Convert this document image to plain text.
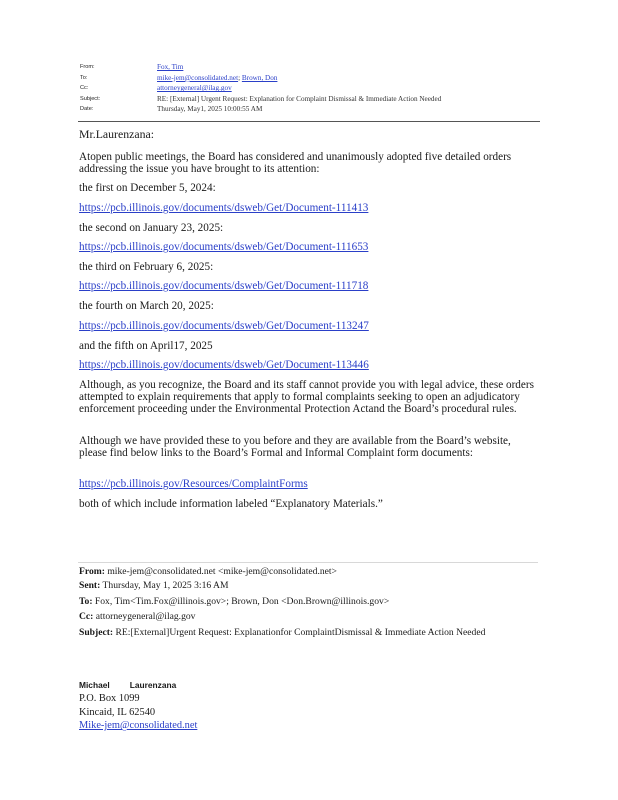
From:	Fox, Tim
To:	mike-jem@consolidated.net; Brown, Don
Cc:	attorneygeneral@ilag.gov
Subject:	RE: [External] Urgent Request: Explanation for Complaint Dismissal & Immediate Action Needed
Date:	Thursday, May1, 2025 10:00:55 AM
Mr.Laurenzana:
Atopen public meetings, the Board has considered and unanimously adopted five detailed orders addressing the issue you have brought to its attention:
the first on December 5, 2024:
https://pcb.illinois.gov/documents/dsweb/Get/Document-111413
the second on January 23, 2025:
https://pcb.illinois.gov/documents/dsweb/Get/Document-111653
the third on February 6, 2025:
https://pcb.illinois.gov/documents/dsweb/Get/Document-111718
the fourth on March 20, 2025:
https://pcb.illinois.gov/documents/dsweb/Get/Document-113247
and the fifth on April17, 2025
https://pcb.illinois.gov/documents/dsweb/Get/Document-113446
Although, as you recognize, the Board and its staff cannot provide you with legal advice, these orders attempted to explain requirements that apply to formal complaints seeking to open an adjudicatory enforcement proceeding under the Environmental Protection Actand the Board’s procedural rules.
Although we have provided these to you before and they are available from the Board’s website, please find below links to the Board’s Formal and Informal Complaint form documents:
https://pcb.illinois.gov/Resources/ComplaintForms
both of which include information labeled “Explanatory Materials.”
From: mike-jem@consolidated.net <mike-jem@consolidated.net>
Sent: Thursday, May 1, 2025 3:16 AM
To: Fox, Tim<Tim.Fox@illinois.gov>; Brown, Don <Don.Brown@illinois.gov>
Cc: attorneygeneral@ilag.gov
Subject: RE:[External]Urgent Request: Explanationfor ComplaintDismissal & Immediate Action Needed
Michael Laurenzana
P.O. Box 1099
Kincaid, IL 62540
Mike-jem@consolidated.net
